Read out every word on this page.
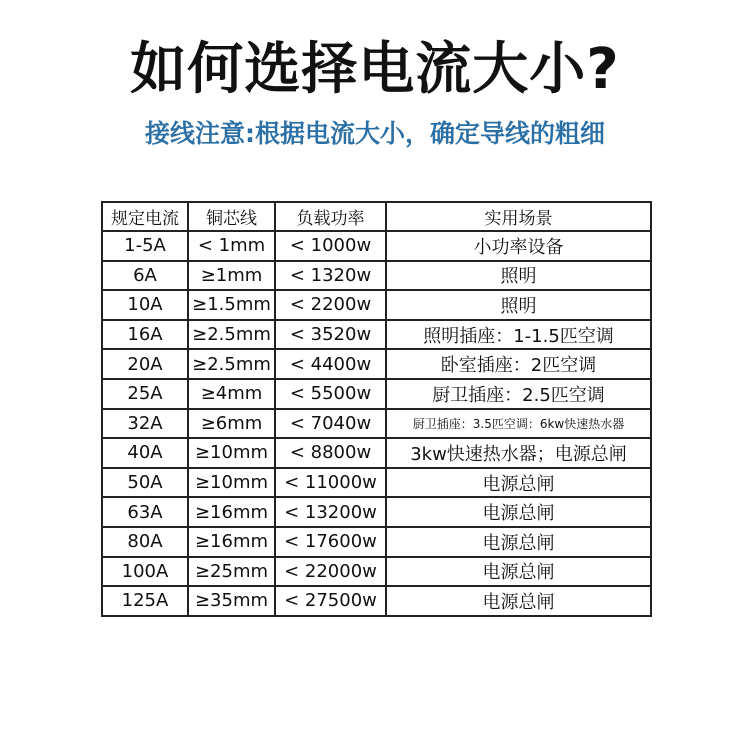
如何选择电流大小?
接线注意:根据电流大小，确定导线的粗细
规定电流	铜芯线	负载功率	实用场景
1-5A	< 1mm	< 1000w	小功率设备
6A	≥1mm	< 1320w	照明
10A	≥1.5mm	< 2200w	照明
16A	≥2.5mm	< 3520w	照明插座：1-1.5匹空调
20A	≥2.5mm	< 4400w	卧室插座：2匹空调
25A	≥4mm	< 5500w	厨卫插座：2.5匹空调
32A	≥6mm	< 7040w	厨卫插座：3.5匹空调：6kw快速热水器
40A	≥10mm	< 8800w	3kw快速热水器；电源总闸
50A	≥10mm	< 11000w	电源总闸
63A	≥16mm	< 13200w	电源总闸
80A	≥16mm	< 17600w	电源总闸
100A	≥25mm	< 22000w	电源总闸
125A	≥35mm	< 27500w	电源总闸
